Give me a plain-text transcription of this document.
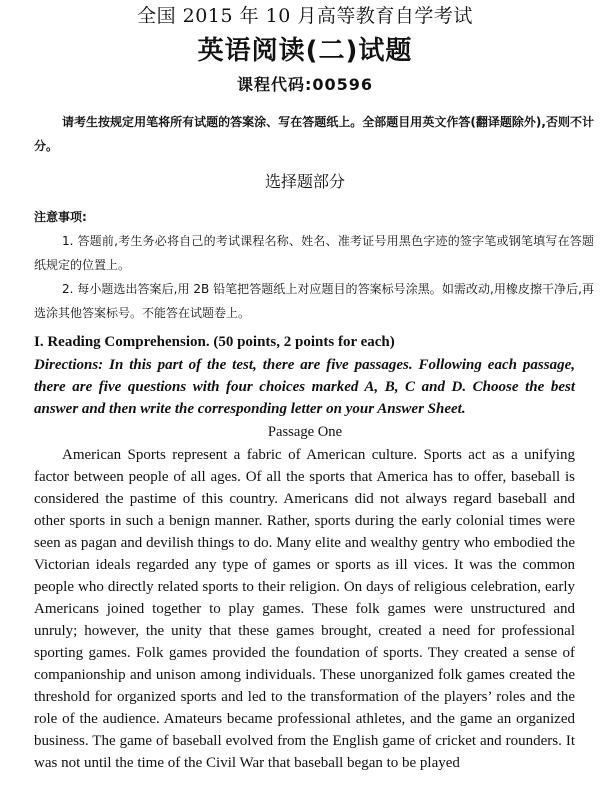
全国 2015 年 10 月高等教育自学考试
英语阅读(二)试题
课程代码:00596
请考生按规定用笔将所有试题的答案涂、写在答题纸上。全部题目用英文作答(翻译题除外),否则不计分。
选择题部分
注意事项:
1. 答题前,考生务必将自己的考试课程名称、姓名、准考证号用黑色字迹的签字笔或钢笔填写在答题纸规定的位置上。
2. 每小题选出答案后,用 2B 铅笔把答题纸上对应题目的答案标号涂黑。如需改动,用橡皮擦干净后,再选涂其他答案标号。不能答在试题卷上。
I. Reading Comprehension. (50 points, 2 points for each)
Directions: In this part of the test, there are five passages. Following each passage, there are five questions with four choices marked A, B, C and D. Choose the best answer and then write the corresponding letter on your Answer Sheet.
Passage One
American Sports represent a fabric of American culture. Sports act as a unifying factor between people of all ages. Of all the sports that America has to offer, baseball is considered the pastime of this country. Americans did not always regard baseball and other sports in such a benign manner. Rather, sports during the early colonial times were seen as pagan and devilish things to do. Many elite and wealthy gentry who embodied the Victorian ideals regarded any type of games or sports as ill vices. It was the common people who directly related sports to their religion. On days of religious celebration, early Americans joined together to play games. These folk games were unstructured and unruly; however, the unity that these games brought, created a need for professional sporting games. Folk games provided the foundation of sports. They created a sense of companionship and unison among individuals. These unorganized folk games created the threshold for organized sports and led to the transformation of the players’ roles and the role of the audience. Amateurs became professional athletes, and the game an organized business. The game of baseball evolved from the English game of cricket and rounders. It was not until the time of the Civil War that baseball began to be played
